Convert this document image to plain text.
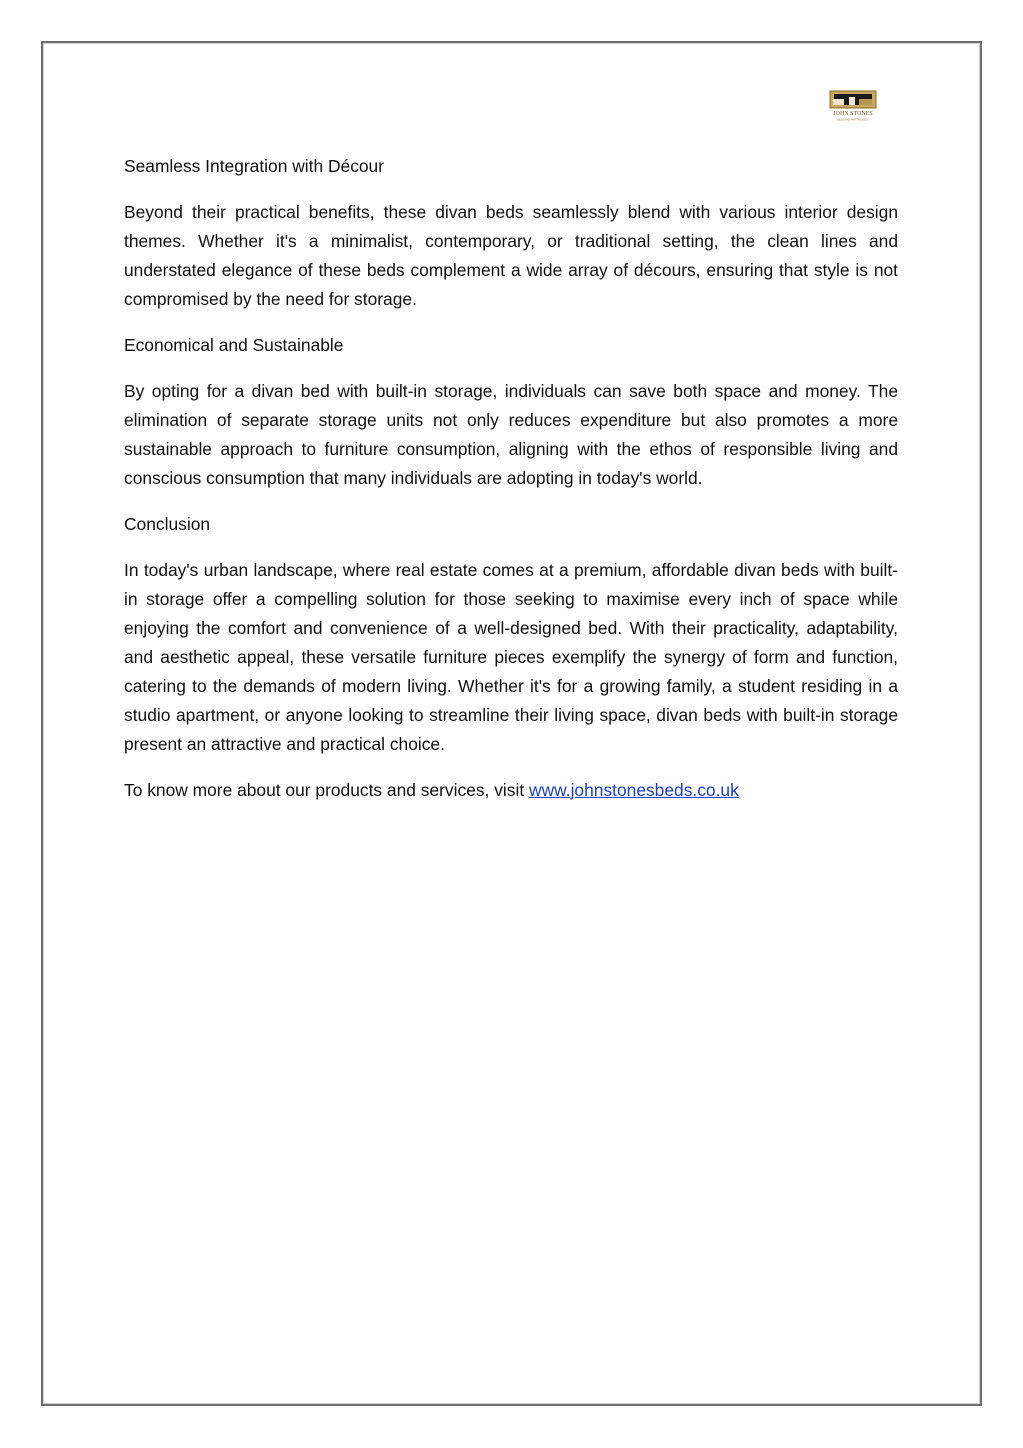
JOHN STONES
BEDS AND MATTRESSES

Seamless Integration with Décour

Beyond their practical benefits, these divan beds seamlessly blend with various interior design themes. Whether it's a minimalist, contemporary, or traditional setting, the clean lines and understated elegance of these beds complement a wide array of décours, ensuring that style is not compromised by the need for storage.

Economical and Sustainable

By opting for a divan bed with built-in storage, individuals can save both space and money. The elimination of separate storage units not only reduces expenditure but also promotes a more sustainable approach to furniture consumption, aligning with the ethos of responsible living and conscious consumption that many individuals are adopting in today's world.

Conclusion

In today's urban landscape, where real estate comes at a premium, affordable divan beds with built-in storage offer a compelling solution for those seeking to maximise every inch of space while enjoying the comfort and convenience of a well-designed bed. With their practicality, adaptability, and aesthetic appeal, these versatile furniture pieces exemplify the synergy of form and function, catering to the demands of modern living. Whether it's for a growing family, a student residing in a studio apartment, or anyone looking to streamline their living space, divan beds with built-in storage present an attractive and practical choice.

To know more about our products and services, visit www.johnstonesbeds.co.uk
